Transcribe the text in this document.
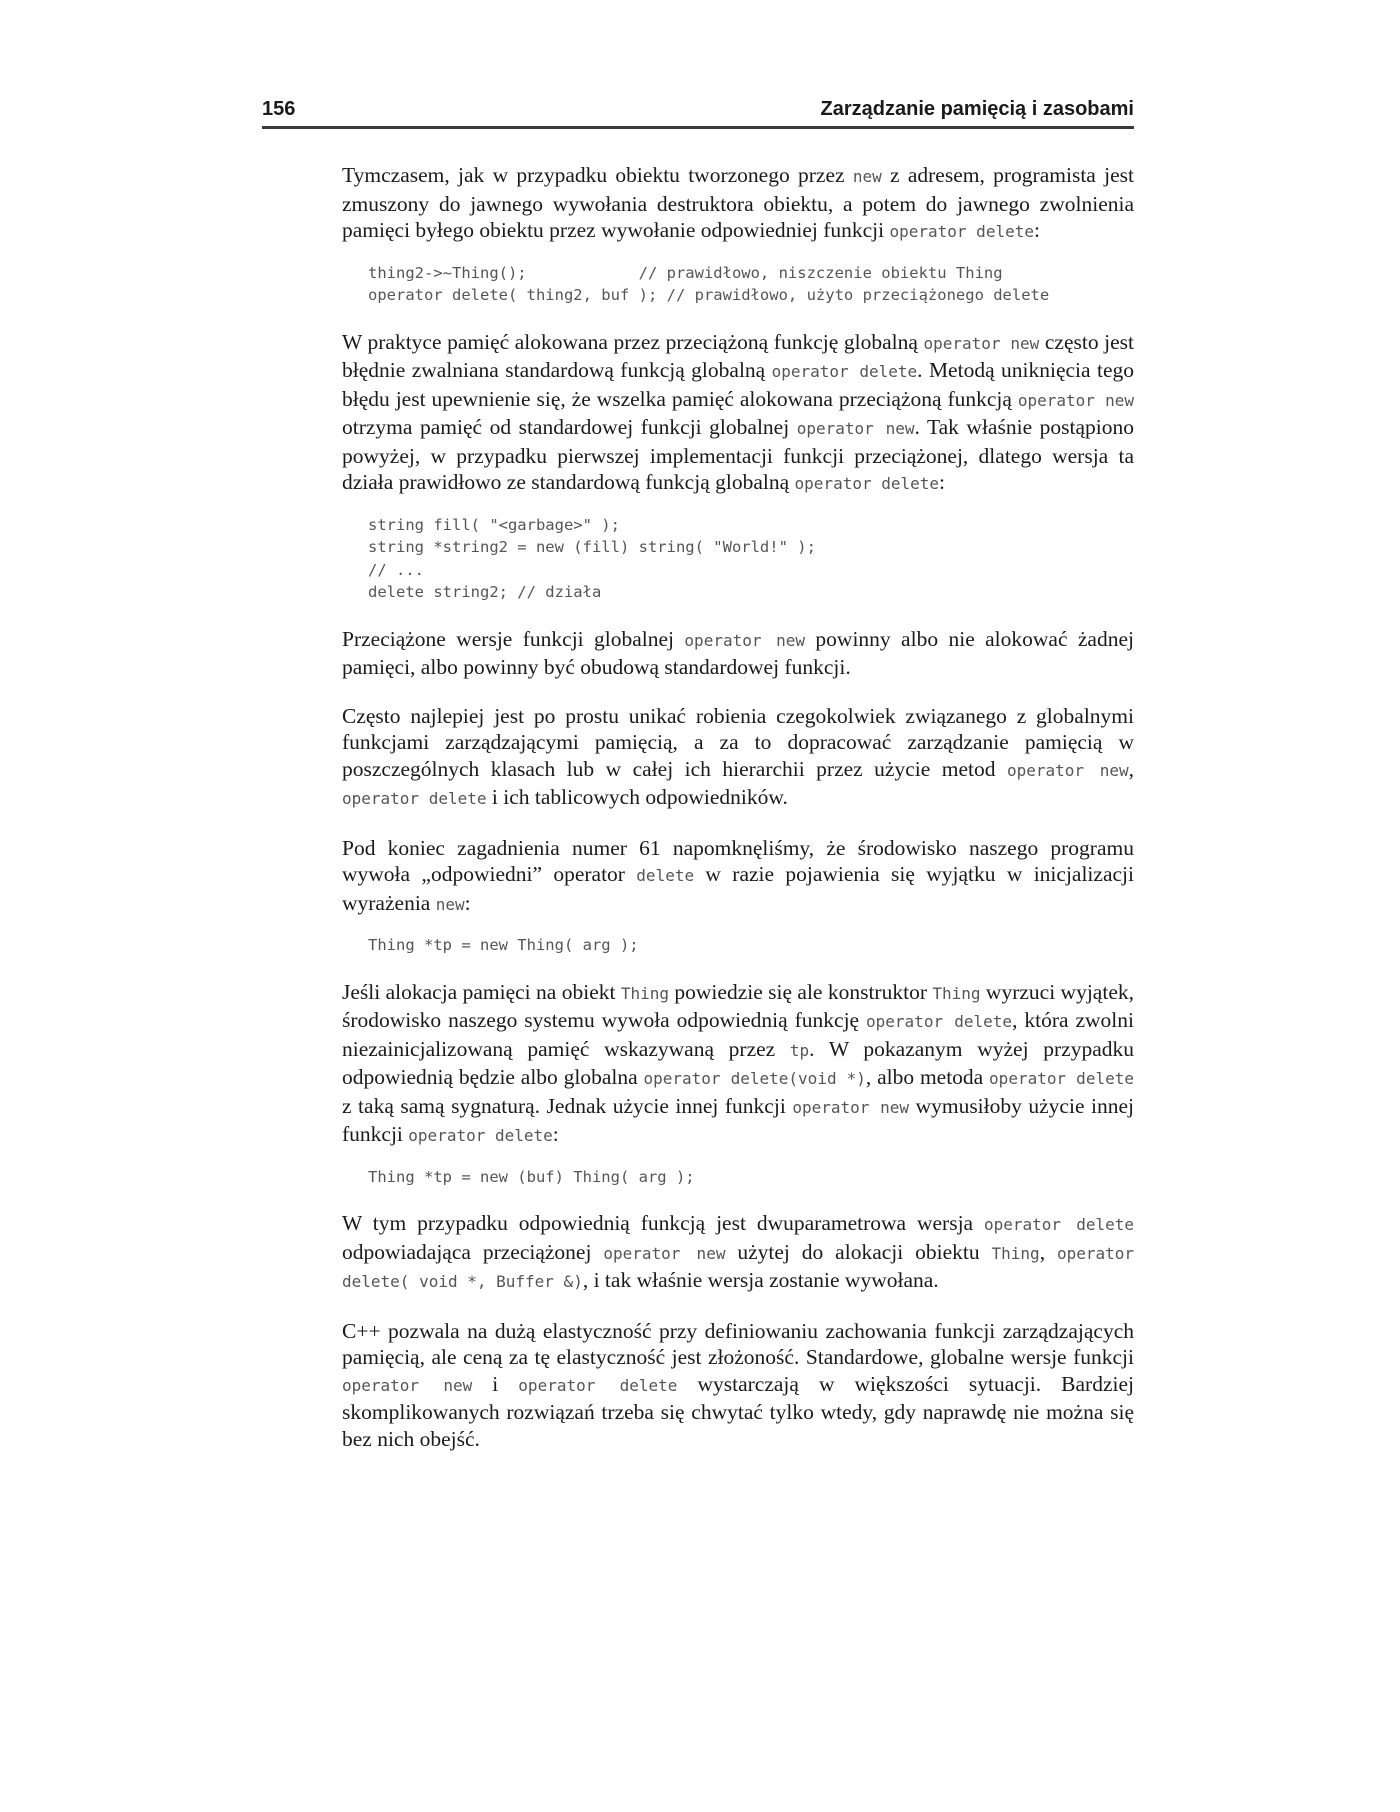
156	Zarządzanie pamięcią i zasobami

Tymczasem, jak w przypadku obiektu tworzonego przez new z adresem, programista jest zmuszony do jawnego wywołania destruktora obiektu, a potem do jawnego zwolnienia pamięci byłego obiektu przez wywołanie odpowiedniej funkcji operator delete:

thing2->~Thing();            // prawidłowo, niszczenie obiektu Thing
operator delete( thing2, buf ); // prawidłowo, użyto przeciążonego delete

W praktyce pamięć alokowana przez przeciążoną funkcję globalną operator new często jest błędnie zwalniana standardową funkcją globalną operator delete. Metodą uniknięcia tego błędu jest upewnienie się, że wszelka pamięć alokowana przeciążoną funkcją operator new otrzyma pamięć od standardowej funkcji globalnej operator new. Tak właśnie postąpiono powyżej, w przypadku pierwszej implementacji funkcji przeciążonej, dlatego wersja ta działa prawidłowo ze standardową funkcją globalną operator delete:

string fill( "<garbage>" );
string *string2 = new (fill) string( "World!" );
// ...
delete string2; // działa

Przeciążone wersje funkcji globalnej operator new powinny albo nie alokować żadnej pamięci, albo powinny być obudową standardowej funkcji.

Często najlepiej jest po prostu unikać robienia czegokolwiek związanego z globalnymi funkcjami zarządzającymi pamięcią, a za to dopracować zarządzanie pamięcią w poszczególnych klasach lub w całej ich hierarchii przez użycie metod operator new, operator delete i ich tablicowych odpowiedników.

Pod koniec zagadnienia numer 61 napomknęliśmy, że środowisko naszego programu wywoła „odpowiedni” operator delete w razie pojawienia się wyjątku w inicjalizacji wyrażenia new:

Thing *tp = new Thing( arg );

Jeśli alokacja pamięci na obiekt Thing powiedzie się ale konstruktor Thing wyrzuci wyjątek, środowisko naszego systemu wywoła odpowiednią funkcję operator delete, która zwolni niezainicjalizowaną pamięć wskazywaną przez tp. W pokazanym wyżej przypadku odpowiednią będzie albo globalna operator delete(void *), albo metoda operator delete z taką samą sygnaturą. Jednak użycie innej funkcji operator new wymusiłoby użycie innej funkcji operator delete:

Thing *tp = new (buf) Thing( arg );

W tym przypadku odpowiednią funkcją jest dwuparametrowa wersja operator delete odpowiadająca przeciążonej operator new użytej do alokacji obiektu Thing, operator delete( void *, Buffer &), i tak właśnie wersja zostanie wywołana.

C++ pozwala na dużą elastyczność przy definiowaniu zachowania funkcji zarządzających pamięcią, ale ceną za tę elastyczność jest złożoność. Standardowe, globalne wersje funkcji operator new i operator delete wystarczają w większości sytuacji. Bardziej skomplikowanych rozwiązań trzeba się chwytać tylko wtedy, gdy naprawdę nie można się bez nich obejść.
